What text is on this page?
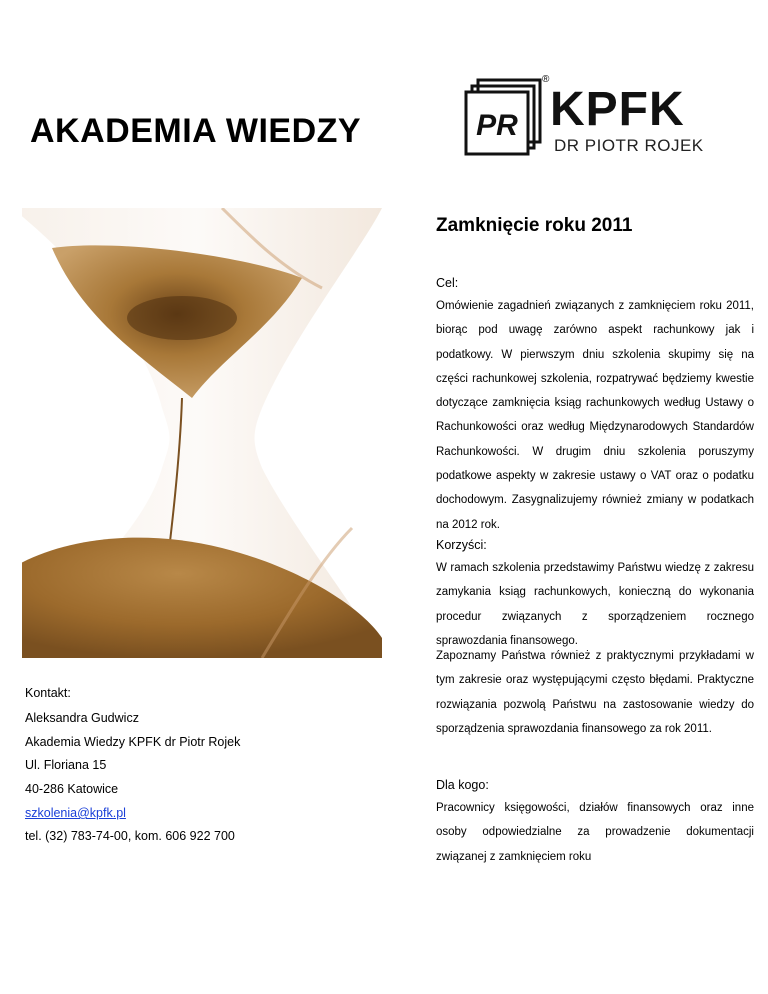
AKADEMIA WIEDZY	PR
®
KPFK
DR PIOTR ROJEK
Zamknięcie roku 2011
Cel:
Omówienie zagadnień związanych z zamknięciem roku 2011, biorąc pod uwagę zarówno aspekt rachunkowy jak i podatkowy. W pierwszym dniu szkolenia skupimy się na części rachunkowej szkolenia, rozpatrywać będziemy kwestie dotyczące zamknięcia ksiąg rachunkowych według Ustawy o Rachunkowości oraz według Międzynarodowych Standardów Rachunkowości. W drugim dniu szkolenia poruszymy podatkowe aspekty w zakresie ustawy o VAT oraz o podatku dochodowym. Zasygnalizujemy również zmiany w podatkach na 2012 rok.
Korzyści:
W ramach szkolenia przedstawimy Państwu wiedzę z zakresu zamykania ksiąg rachunkowych, konieczną do wykonania procedur związanych z sporządzeniem rocznego sprawozdania finansowego.
Zapoznamy Państwa również z praktycznymi przykładami w tym zakresie oraz występującymi często błędami. Praktyczne rozwiązania pozwolą Państwu na zastosowanie wiedzy do sporządzenia sprawozdania finansowego za rok 2011.
Dla kogo:
Pracownicy księgowości, działów finansowych oraz inne osoby odpowiedzialne za prowadzenie dokumentacji związanej z zamknięciem roku
Kontakt:
Aleksandra Gudwicz
Akademia Wiedzy KPFK dr Piotr Rojek
Ul. Floriana 15
40-286 Katowice
szkolenia@kpfk.pl
tel. (32) 783-74-00, kom. 606 922 700
